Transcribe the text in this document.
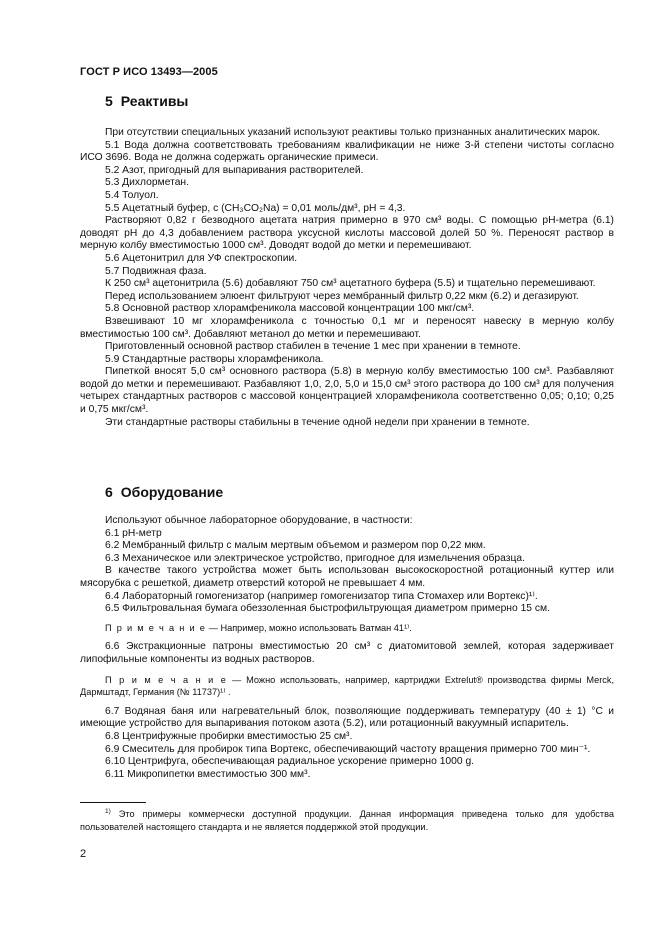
ГОСТ Р ИСО 13493—2005
5 Реактивы

При отсутствии специальных указаний используют реактивы только признанных аналитических марок.

5.1 Вода должна соответствовать требованиям квалификации не ниже 3-й степени чистоты согласно ИСО 3696. Вода не должна содержать органические примеси.

5.2 Азот, пригодный для выпаривания растворителей.

5.3 Дихлорметан.

5.4 Толуол.

5.5 Ацетатный буфер, с (CH₃CO₂Na) = 0,01 моль/дм³, pH = 4,3.

Растворяют 0,82 г безводного ацетата натрия примерно в 970 см³ воды. С помощью pH-метра (6.1) доводят pH до 4,3 добавлением раствора уксусной кислоты массовой долей 50 %. Переносят раствор в мерную колбу вместимостью 1000 см³. Доводят водой до метки и перемешивают.

5.6 Ацетонитрил для УФ спектроскопии.

5.7 Подвижная фаза.

К 250 см³ ацетонитрила (5.6) добавляют 750 см³ ацетатного буфера (5.5) и тщательно перемешивают.

Перед использованием элюент фильтруют через мембранный фильтр 0,22 мкм (6.2) и дегазируют.

5.8 Основной раствор хлорамфеникола массовой концентрации 100 мкг/см³.

Взвешивают 10 мг хлорамфеникола с точностью 0,1 мг и переносят навеску в мерную колбу вместимостью 100 см³. Добавляют метанол до метки и перемешивают.

Приготовленный основной раствор стабилен в течение 1 мес при хранении в темноте.

5.9 Стандартные растворы хлорамфеникола.

Пипеткой вносят 5,0 см³ основного раствора (5.8) в мерную колбу вместимостью 100 см³. Разбавляют водой до метки и перемешивают. Разбавляют 1,0, 2,0, 5,0 и 15,0 см³ этого раствора до 100 см³ для получения четырех стандартных растворов с массовой концентрацией хлорамфеникола соответственно 0,05; 0,10; 0,25 и 0,75 мкг/см³.

Эти стандартные растворы стабильны в течение одной недели при хранении в темноте.

6 Оборудование

Используют обычное лабораторное оборудование, в частности:

6.1 pH-метр

6.2 Мембранный фильтр с малым мертвым объемом и размером пор 0,22 мкм.

6.3 Механическое или электрическое устройство, пригодное для измельчения образца.

В качестве такого устройства может быть использован высокоскоростной ротационный куттер или мясорубка с решеткой, диаметр отверстий которой не превышает 4 мм.

6.4 Лабораторный гомогенизатор (например гомогенизатор типа Стомахер или Вортекс)¹⁾.

6.5 Фильтровальная бумага обеззоленная быстрофильтрующая диаметром примерно 15 см.

П р и м е ч а н и е — Например, можно использовать Ватман 41¹⁾.

6.6 Экстракционные патроны вместимостью 20 см³ с диатомитовой землей, которая задерживает липофильные компоненты из водных растворов.

П р и м е ч а н и е — Можно использовать, например, картриджи Extrelut® производства фирмы Merck, Дармштадт, Германия (№ 11737)¹⁾ .

6.7 Водяная баня или нагревательный блок, позволяющие поддерживать температуру (40 ± 1) °С и имеющие устройство для выпаривания потоком азота (5.2), или ротационный вакуумный испаритель.

6.8 Центрифужные пробирки вместимостью 25 см³.

6.9 Смеситель для пробирок типа Вортекс, обеспечивающий частоту вращения примерно 700 мин⁻¹.

6.10 Центрифуга, обеспечивающая радиальное ускорение примерно 1000 g.

6.11 Микропипетки вместимостью 300 мм³.

$^{1)}$ Это примеры коммерчески доступной продукции. Данная информация приведена только для удобства пользователей настоящего стандарта и не является поддержкой этой продукции.

2
